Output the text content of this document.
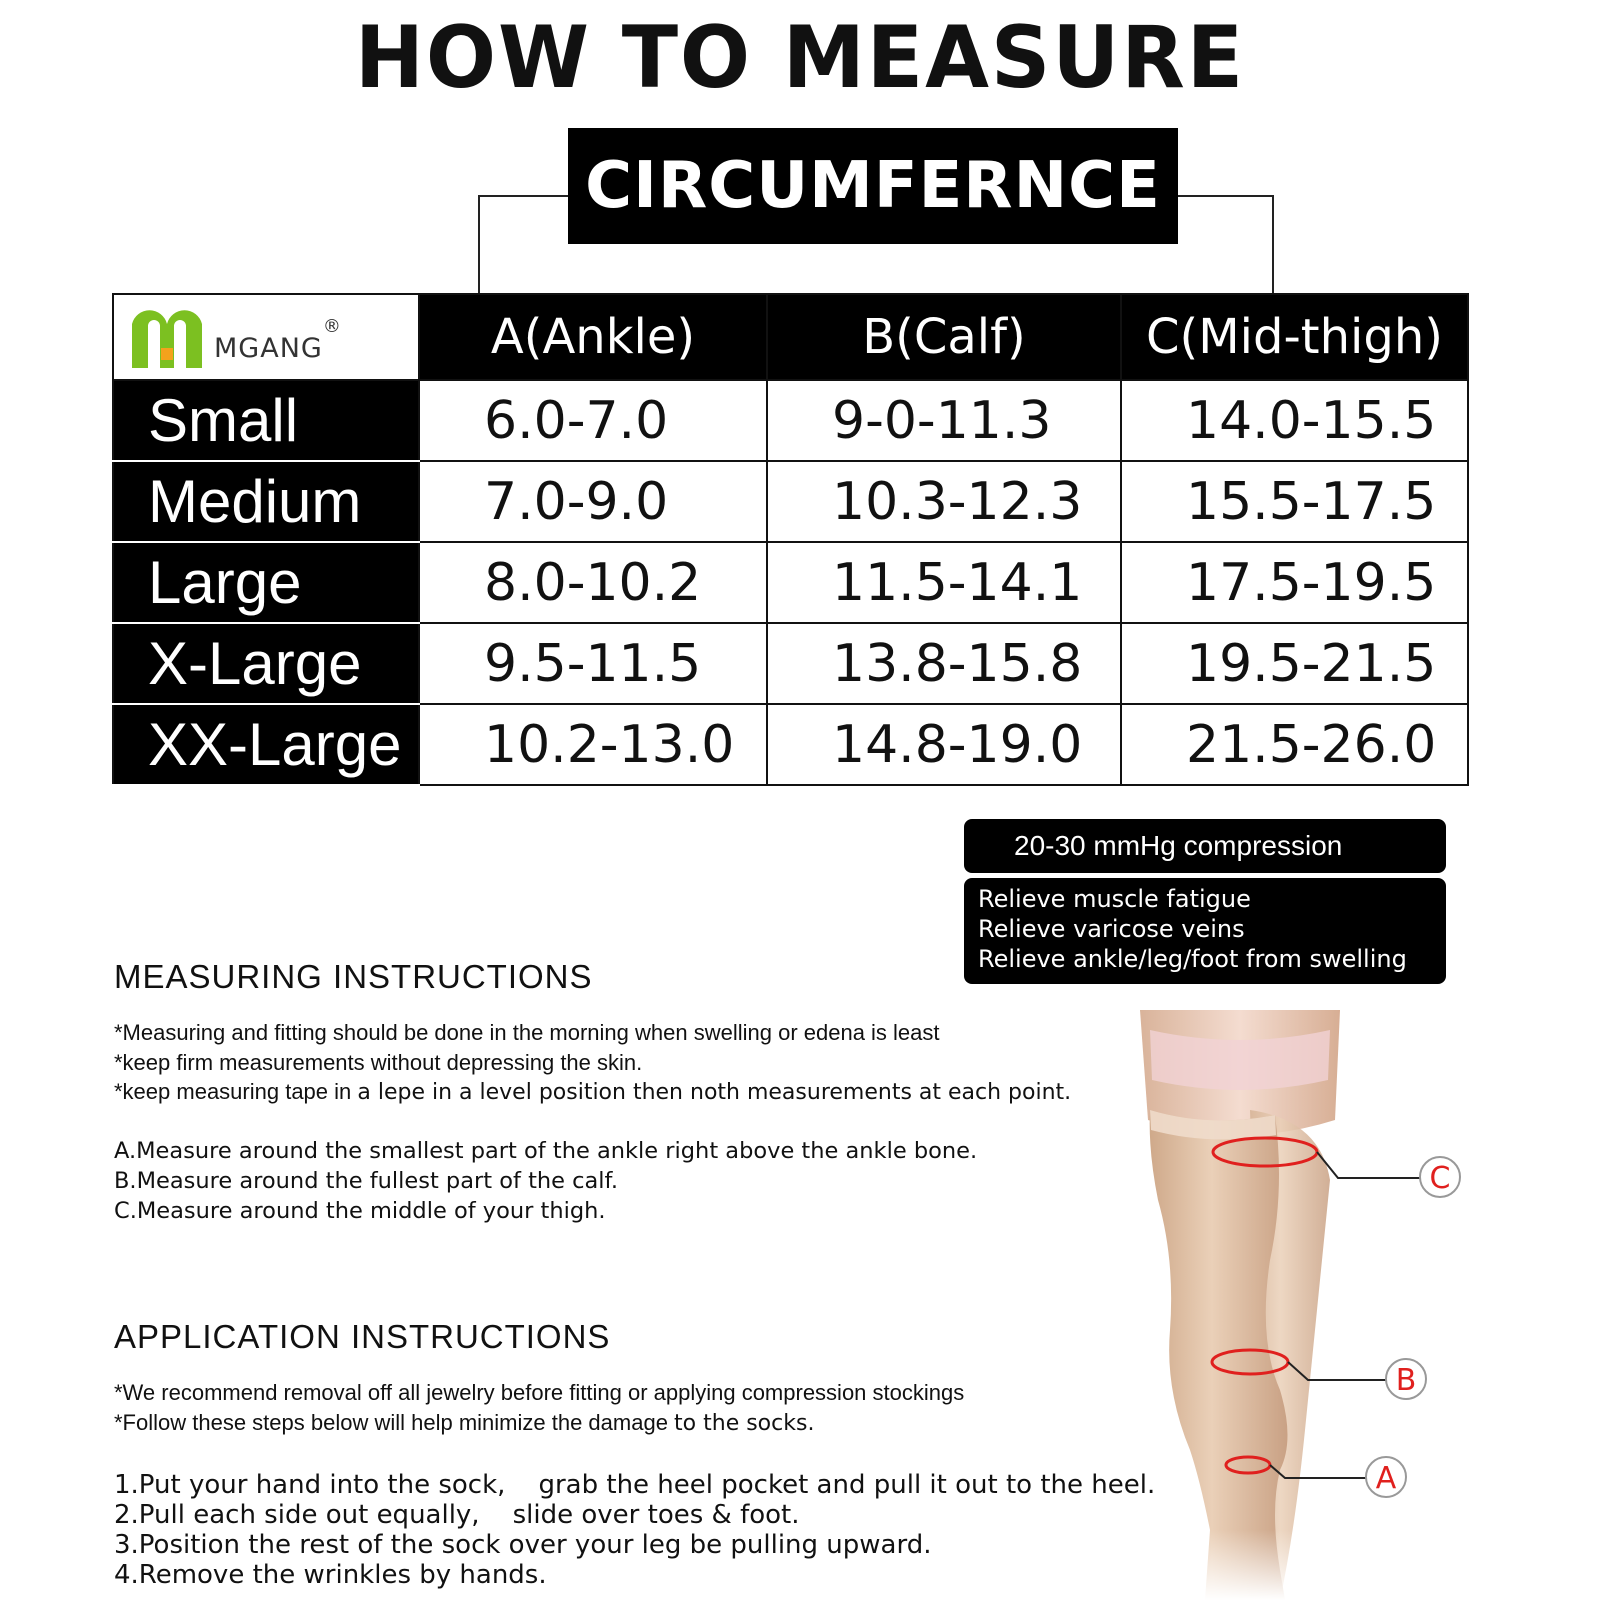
HOW TO MEASURE
CIRCUMFERNCE
mgang®	A(Ankle)	B(Calf)	C(Mid-thigh)
Small	6.0-7.0	9-0-11.3	14.0-15.5
Medium	7.0-9.0	10.3-12.3	15.5-17.5
Large	8.0-10.2	11.5-14.1	17.5-19.5
X-Large	9.5-11.5	13.8-15.8	19.5-21.5
XX-Large	10.2-13.0	14.8-19.0	21.5-26.0
20-30 mmHg compression
Relieve muscle fatigue
Relieve varicose veins
Relieve ankle/leg/foot from swelling
MEASURING INSTRUCTIONS
*Measuring and fitting should be done in the morning when swelling or edena is least
*keep firm measurements without depressing the skin.
*keep measuring tape in a lepe in a level position then noth measurements at each point.
A.Measure around the smallest part of the ankle right above the ankle bone.
B.Measure around the fullest part of the calf.
C.Measure around the middle of your thigh.
APPLICATION INSTRUCTIONS
*We recommend removal off all jewelry before fitting or applying compression stockings
*Follow these steps below will help minimize the damage to the socks.
1.Put your hand into the sock,    grab the heel pocket and pull it out to the heel.
2.Pull each side out equally,    slide over toes & foot.
3.Position the rest of the sock over your leg be pulling upward.
4.Remove the wrinkles by hands.
C
B
A
